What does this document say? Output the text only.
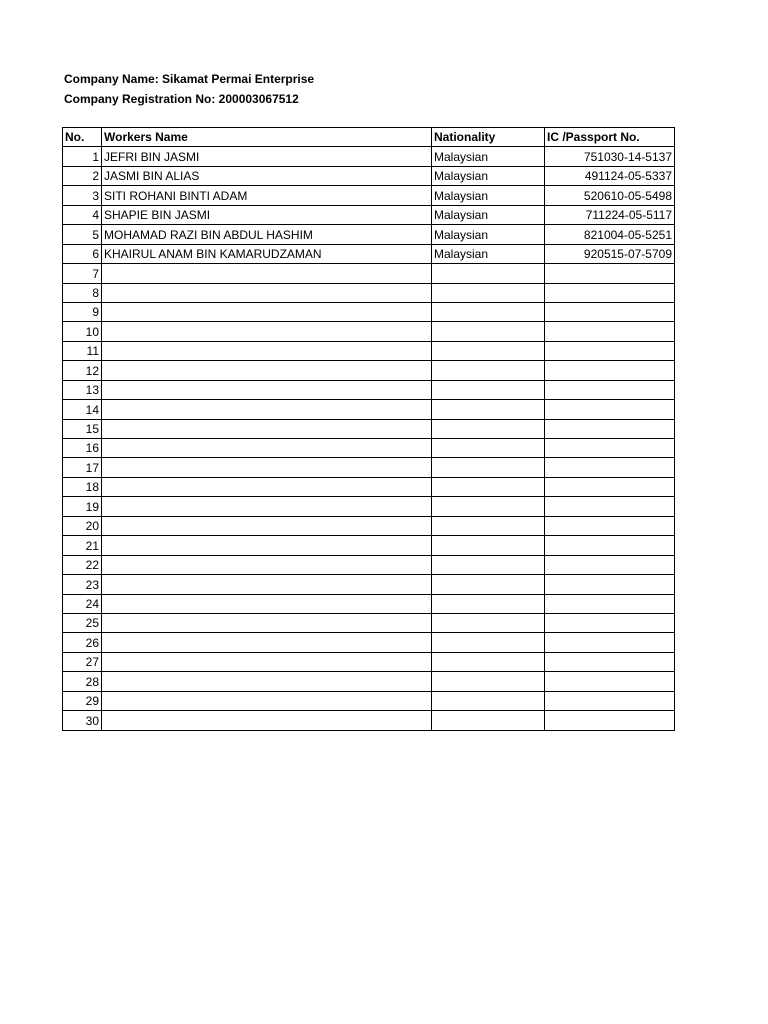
Company Name: Sikamat Permai Enterprise
Company Registration No: 200003067512
No.	Workers Name	Nationality	IC /Passport No.
1	JEFRI BIN JASMI	Malaysian	751030-14-5137
2	JASMI BIN ALIAS	Malaysian	491124-05-5337
3	SITI ROHANI BINTI ADAM	Malaysian	520610-05-5498
4	SHAPIE BIN JASMI	Malaysian	711224-05-5117
5	MOHAMAD RAZI BIN ABDUL HASHIM	Malaysian	821004-05-5251
6	KHAIRUL ANAM BIN KAMARUDZAMAN	Malaysian	920515-07-5709
7			
8			
9			
10			
11			
12			
13			
14			
15			
16			
17			
18			
19			
20			
21			
22			
23			
24			
25			
26			
27			
28			
29			
30			
